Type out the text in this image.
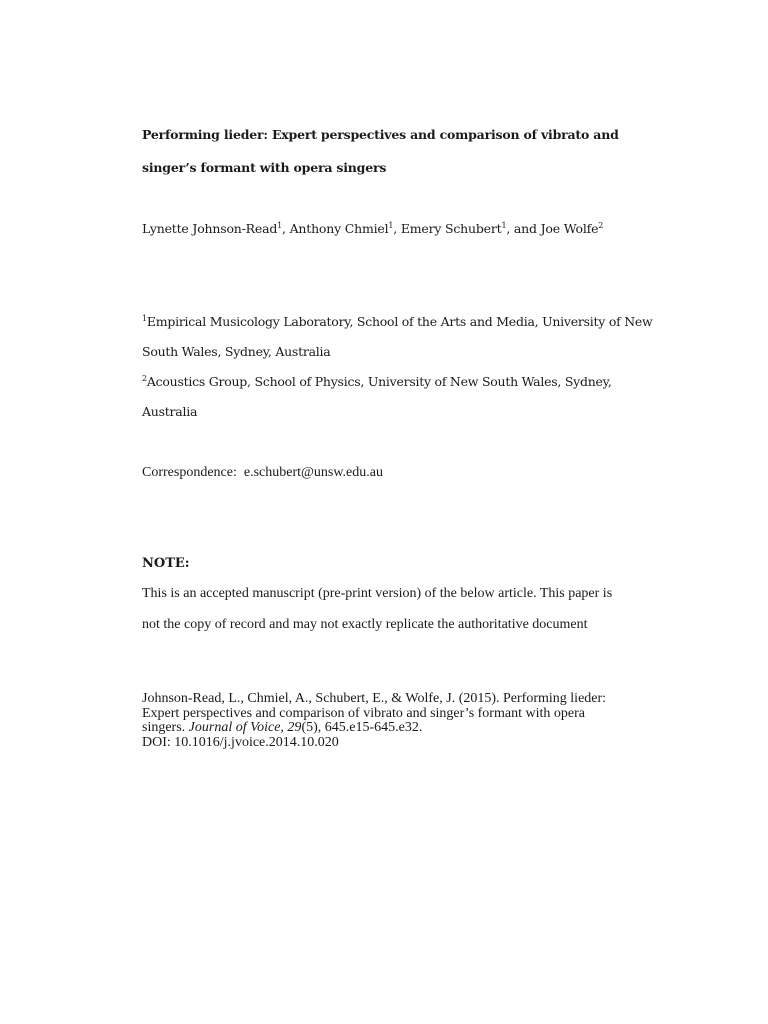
Performing lieder: Expert perspectives and comparison of vibrato and

singer’s formant with opera singers

Lynette Johnson-Read$^1$, Anthony Chmiel$^1$, Emery Schubert$^1$, and Joe Wolfe$^2$

$^1$Empirical Musicology Laboratory, School of the Arts and Media, University of New

South Wales, Sydney, Australia

$^2$Acoustics Group, School of Physics, University of New South Wales, Sydney,

Australia

Correspondence: e.schubert@unsw.edu.au

NOTE:

This is an accepted manuscript (pre-print version) of the below article. This paper is

not the copy of record and may not exactly replicate the authoritative document

Johnson-Read, L., Chmiel, A., Schubert, E., & Wolfe, J. (2015). Performing lieder:
Expert perspectives and comparison of vibrato and singer’s formant with opera
singers. Journal of Voice, 29(5), 645.e15-645.e32.
DOI: 10.1016/j.jvoice.2014.10.020
